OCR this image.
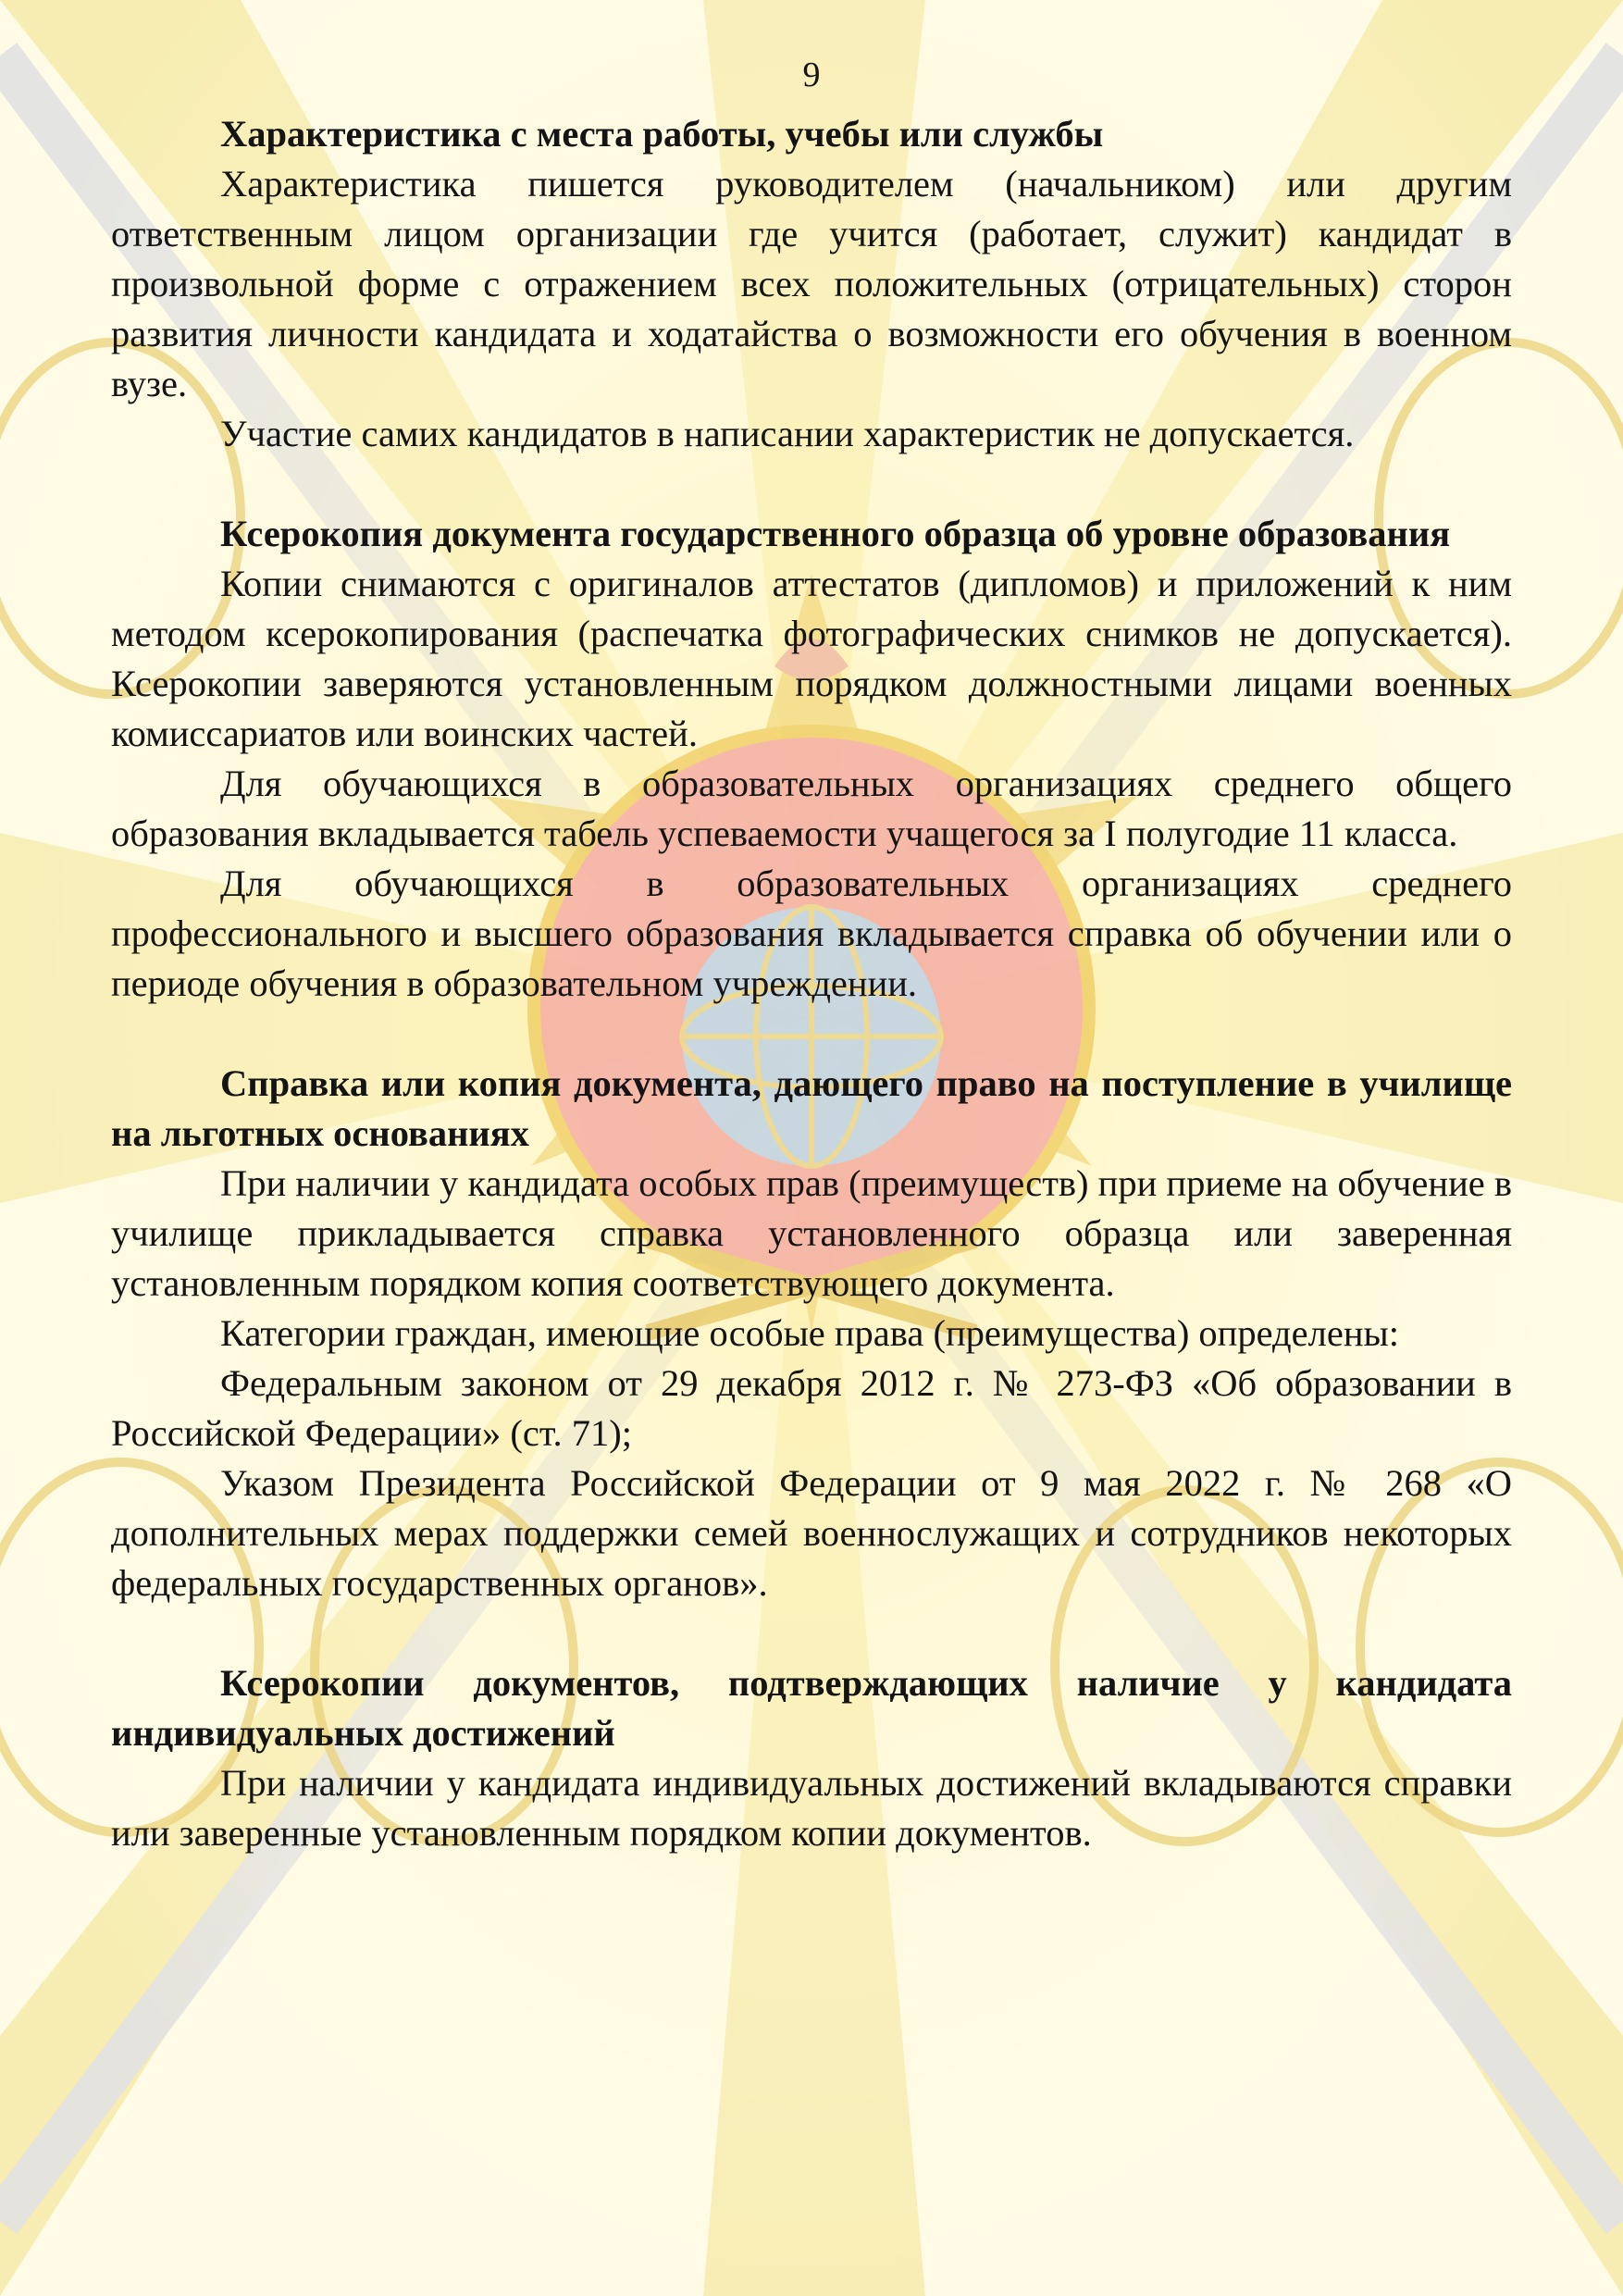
9
Характеристика с места работы, учебы или службы

Характеристика пишется руководителем (начальником) или другим ответственным лицом организации где учится (работает, служит) кандидат в произвольной форме с отражением всех положительных (отрицательных) сторон развития личности кандидата и ходатайства о возможности его обучения в военном вузе.

Участие самих кандидатов в написании характеристик не допускается.

Ксерокопия документа государственного образца об уровне образования

Копии снимаются с оригиналов аттестатов (дипломов) и приложений к ним методом ксерокопирования (распечатка фотографических снимков не допускается). Ксерокопии заверяются установленным порядком должностными лицами военных комиссариатов или воинских частей.

Для обучающихся в образовательных организациях среднего общего образования вкладывается табель успеваемости учащегося за I полугодие 11 класса.

Для обучающихся в образовательных организациях среднего профессионального и высшего образования вкладывается справка об обучении или о периоде обучения в образовательном учреждении.

Справка или копия документа, дающего право на поступление в училище на льготных основаниях

При наличии у кандидата особых прав (преимуществ) при приеме на обучение в училище прикладывается справка установленного образца или заверенная установленным порядком копия соответствующего документа.

Категории граждан, имеющие особые права (преимущества) определены:

Федеральным законом от 29 декабря 2012 г. № 273-ФЗ «Об образовании в Российской Федерации» (ст. 71);

Указом Президента Российской Федерации от 9 мая 2022 г. № 268 «О дополнительных мерах поддержки семей военнослужащих и сотрудников некоторых федеральных государственных органов».

Ксерокопии документов, подтверждающих наличие у кандидата индивидуальных достижений

При наличии у кандидата индивидуальных достижений вкладываются справки или заверенные установленным порядком копии документов.
